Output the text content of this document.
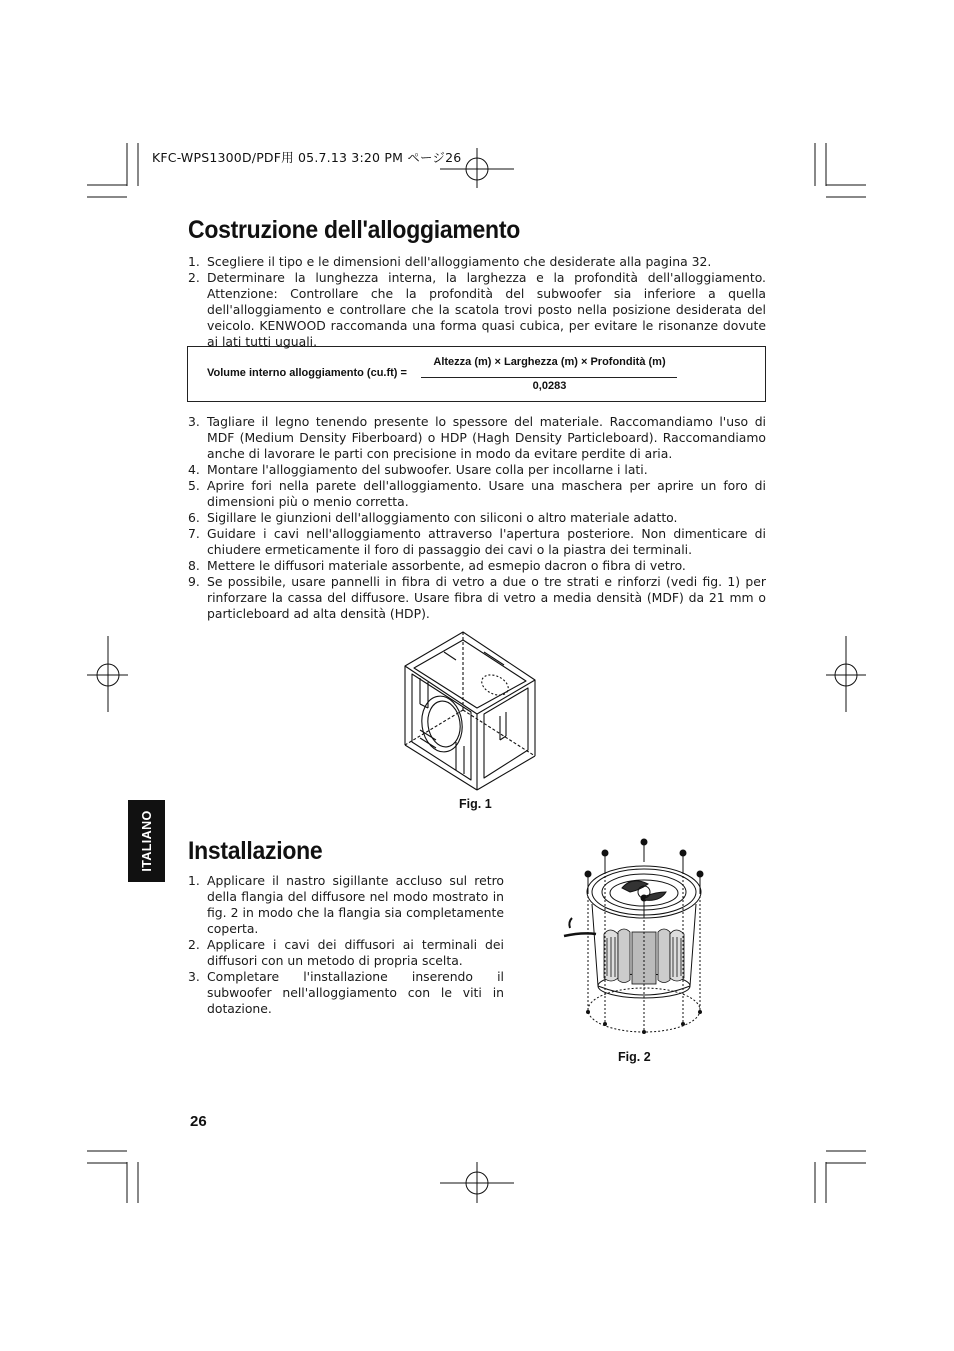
KFC-WPS1300D/PDF用 05.7.13 3:20 PM ページ26
Costruzione dell'alloggiamento
1. Scegliere il tipo e le dimensioni dell'alloggiamento che desiderate alla pagina 32.
2. Determinare la lunghezza interna, la larghezza e la profondità dell'alloggiamento. Attenzione: Controllare che la profondità del subwoofer sia inferiore a quella dell'alloggiamento e controllare che la scatola trovi posto nella posizione desiderata del veicolo. KENWOOD raccomanda una forma quasi cubica, per evitare le risonanze dovute ai lati tutti uguali.
Volume interno alloggiamento (cu.ft) =
Altezza (m) × Larghezza (m) × Profondità (m)
0,0283
3. Tagliare il legno tenendo presente lo spessore del materiale. Raccomandiamo l'uso di MDF (Medium Density Fiberboard) o HDP (Hagh Density Particleboard). Raccomandiamo anche di lavorare le parti con precisione in modo da evitare perdite di aria.
4. Montare l'alloggiamento del subwoofer. Usare colla per incollarne i lati.
5. Aprire fori nella parete dell'alloggiamento. Usare una maschera per aprire un foro di dimensioni più o menio corretta.
6. Sigillare le giunzioni dell'alloggiamento con siliconi o altro materiale adatto.
7. Guidare i cavi nell'alloggiamento attraverso l'apertura posteriore. Non dimenticare di chiudere ermeticamente il foro di passaggio dei cavi o la piastra dei terminali.
8. Mettere le diffusori materiale assorbente, ad esmepio dacron o fibra di vetro.
9. Se possibile, usare pannelli in fibra di vetro a due o tre strati e rinforzi (vedi fig. 1) per rinforzare la cassa del diffusore. Usare fibra di vetro a media densità (MDF) da 21 mm o particleboard ad alta densità (HDP).
Fig. 1
ITALIANO Installazione
1. Applicare il nastro sigillante accluso sul retro della flangia del diffusore nel modo mostrato in fig. 2 in modo che la flangia sia completamente coperta.
2. Applicare i cavi dei diffusori ai terminali dei diffusori con un metodo di propria scelta.
3. Completare l'installazione inserendo il subwoofer nell'alloggiamento con le viti in dotazione.
Fig. 2
26
